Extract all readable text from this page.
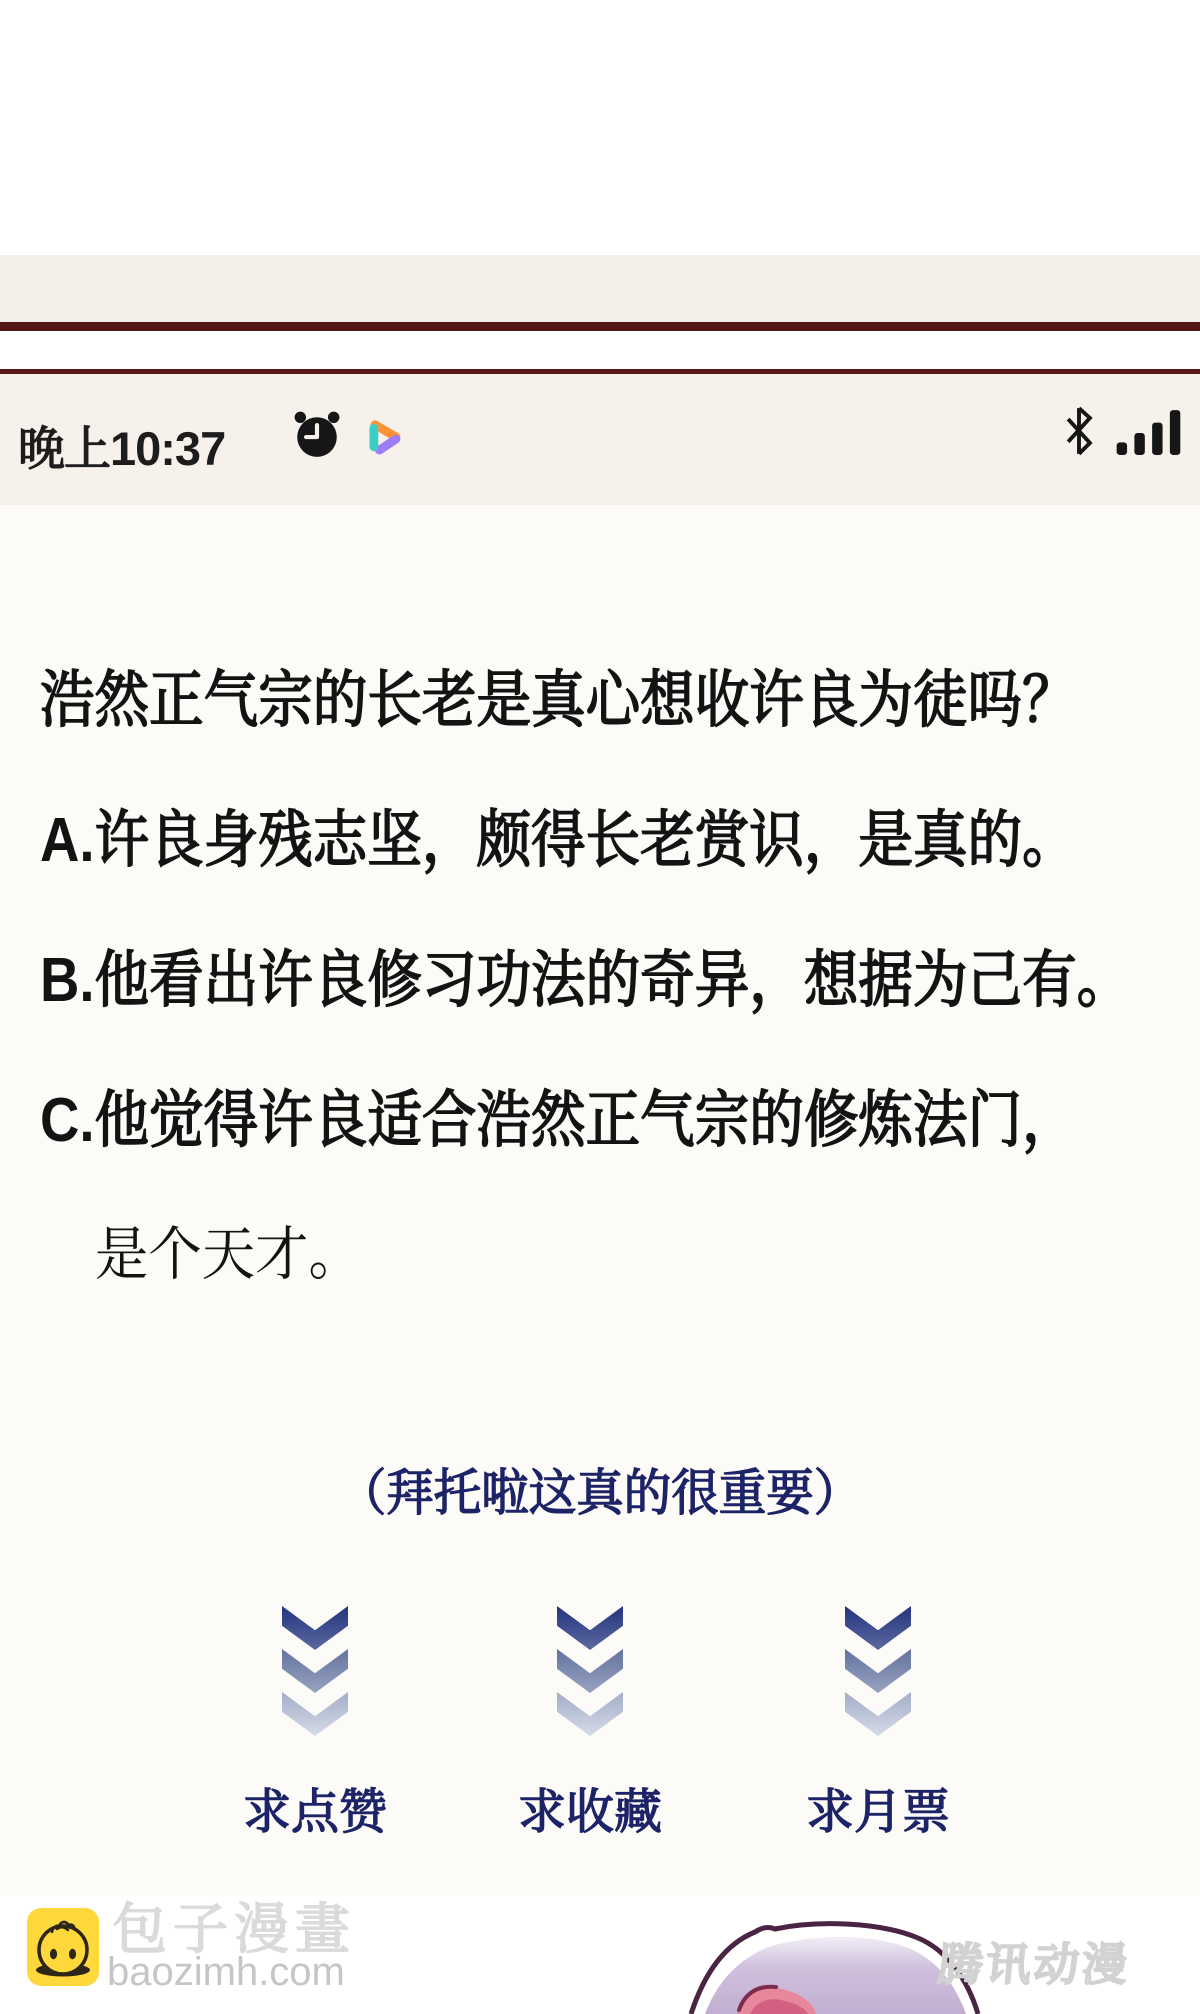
晚上10:37
浩然正气宗的长老是真心想收许良为徒吗？
A.许良身残志坚，颇得长老赏识，是真的。
B.他看出许良修习功法的奇异，想据为己有。
C.他觉得许良适合浩然正气宗的修炼法门，
是个天才。
（拜托啦这真的很重要）
求点赞	求收藏	求月票
腾讯动漫
包子漫畫
baozimh.com
